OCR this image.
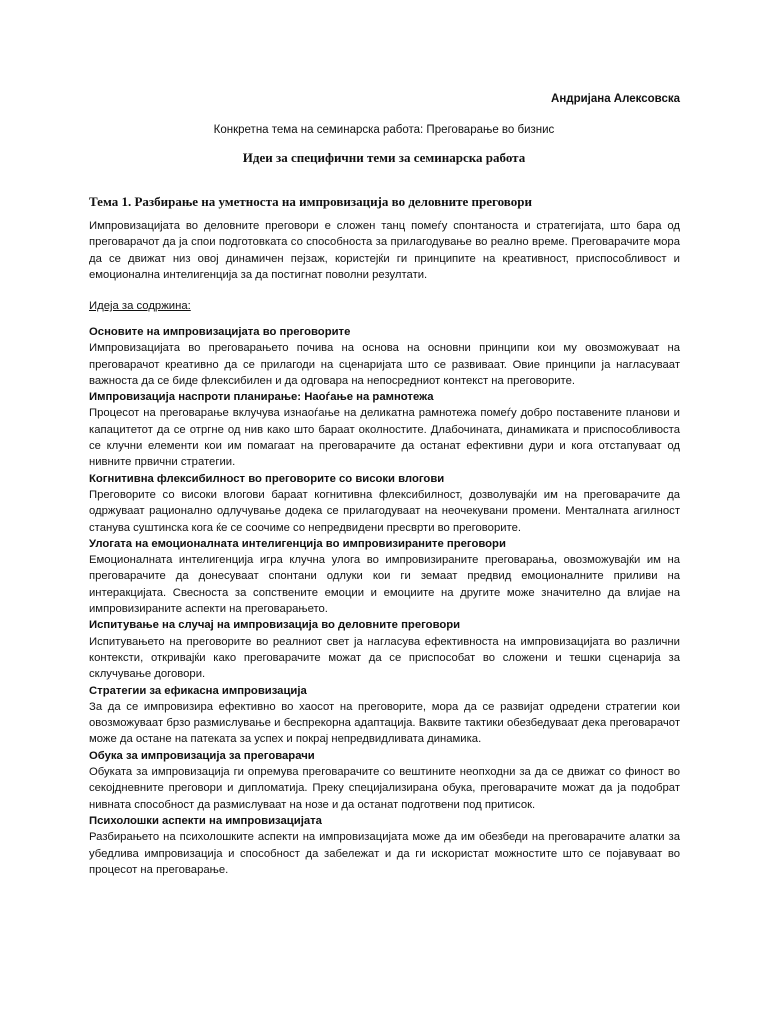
Андријана Алексовска
Конкретна тема на семинарска работа: Преговарање во бизнис
Идеи за специфични теми за семинарска работа
Тема 1. Разбирање на уметноста на импровизација во деловните преговори
Импровизацијата во деловните преговори е сложен танц помеѓу спонтаноста и стратегијата, што бара од преговарачот да ја спои подготовката со способноста за прилагодување во реално време. Преговарачите мора да се движат низ овој динамичен пејзаж, користејќи ги принципите на креативност, приспособливост и емоционална интелигенција за да постигнат поволни резултати.
Идеја за содржина:

Основите на импровизацијата во преговорите

Импровизацијата во преговарањето почива на основа на основни принципи кои му овозможуваат на преговарачот креативно да се прилагоди на сценаријата што се развиваат. Овие принципи ја нагласуваат важноста да се биде флексибилен и да одговара на непосредниот контекст на преговорите.

Импровизација наспроти планирање: Наоѓање на рамнотежа

Процесот на преговарање вклучува изнаоѓање на деликатна рамнотежа помеѓу добро поставените планови и капацитетот да се отргне од нив како што бараат околностите. Длабочината, динамиката и приспособливоста се клучни елементи кои им помагаат на преговарачите да останат ефективни дури и кога отстапуваат од нивните првични стратегии.

Когнитивна флексибилност во преговорите со високи влогови

Преговорите со високи влогови бараат когнитивна флексибилност, дозволувајќи им на преговарачите да одржуваат рационално одлучување додека се прилагодуваат на неочекувани промени. Менталната агилност станува суштинска кога ќе се соочиме со непредвидени пресврти во преговорите.

Улогата на емоционалната интелигенција во импровизираните преговори

Емоционалната интелигенција игра клучна улога во импровизираните преговарања, овозможувајќи им на преговарачите да донесуваат спонтани одлуки кои ги земаат предвид емоционалните приливи на интеракцијата. Свесноста за сопствените емоции и емоциите на другите може значително да влијае на импровизираните аспекти на преговарањето.

Испитување на случај на импровизација во деловните преговори

Испитувањето на преговорите во реалниот свет ја нагласува ефективноста на импровизацијата во различни контексти, откривајќи како преговарачите можат да се приспособат во сложени и тешки сценарија за склучување договори.

Стратегии за ефикасна импровизација

За да се импровизира ефективно во хаосот на преговорите, мора да се развијат одредени стратегии кои овозможуваат брзо размислување и беспрекорна адаптација. Ваквите тактики обезбедуваат дека преговарачот може да остане на патеката за успех и покрај непредвидливата динамика.

Обука за импровизација за преговарачи

Обуката за импровизација ги опремува преговарачите со вештините неопходни за да се движат со финост во секојдневните преговори и дипломатија. Преку специјализирана обука, преговарачите можат да ја подобрат нивната способност да размислуваат на нозе и да останат подготвени под притисок.

Психолошки аспекти на импровизацијата

Разбирањето на психолошките аспекти на импровизацијата може да им обезбеди на преговарачите алатки за убедлива импровизација и способност да забележат и да ги искористат можностите што се појавуваат во процесот на преговарање.
